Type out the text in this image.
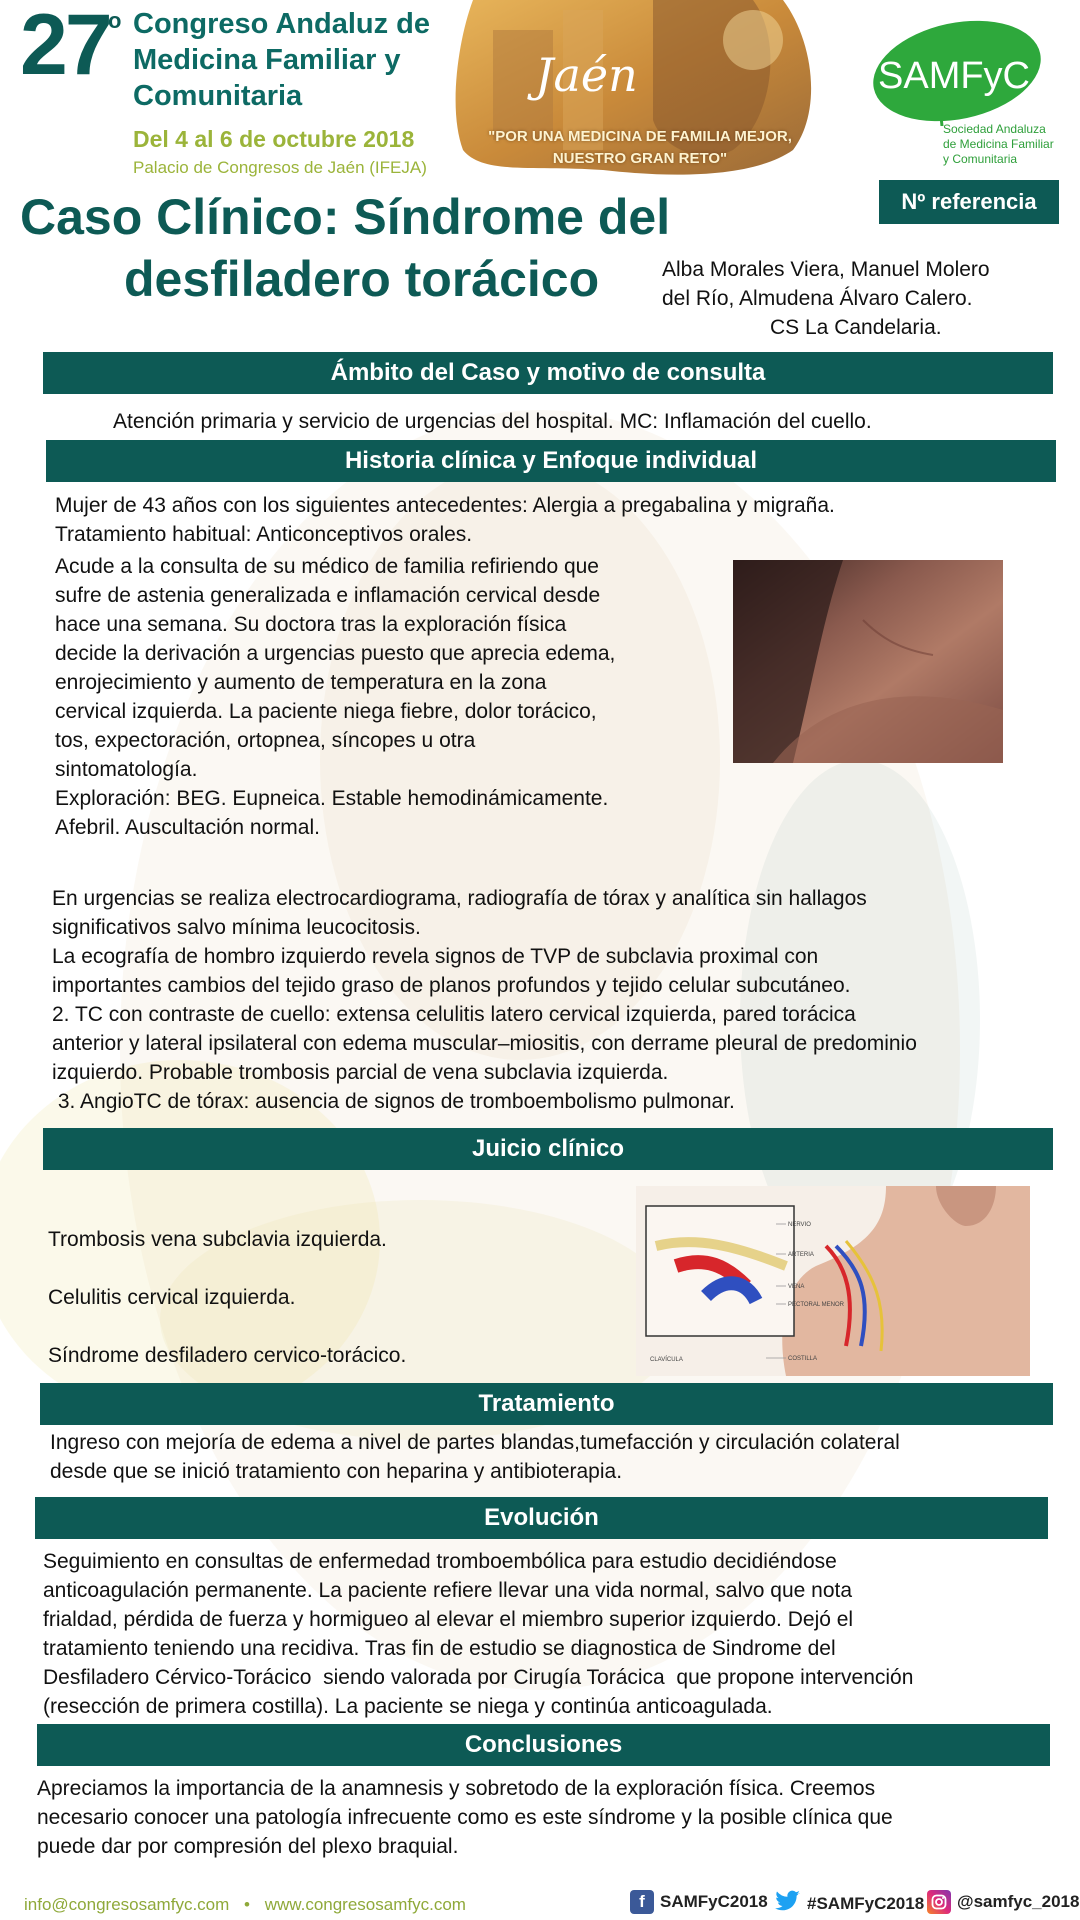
27
o Congreso Andaluz de Medicina Familiar y Comunitaria
Del 4 al 6 de octubre 2018
Palacio de Congresos de Jaén (IFEJA)
Jaén
"POR UNA MEDICINA DE FAMILIA MEJOR,
NUESTRO GRAN RETO"
SAMFyC
Sociedad Andaluza
de Medicina Familiar
y Comunitaria
Nº referencia
Caso Clínico: Síndrome del
desfiladero torácico	Alba Morales Viera, Manuel Molero
del Río, Almudena Álvaro Calero.
CS La Candelaria.
Ámbito del Caso y motivo de consulta
Atención primaria y servicio de urgencias del hospital. MC: Inflamación del cuello.
Historia clínica y Enfoque individual
Mujer de 43 años con los siguientes antecedentes: Alergia a pregabalina y migraña.
Tratamiento habitual: Anticonceptivos orales.
Acude a la consulta de su médico de familia refiriendo que
sufre de astenia generalizada e inflamación cervical desde
hace una semana. Su doctora tras la exploración física
decide la derivación a urgencias puesto que aprecia edema,
enrojecimiento y aumento de temperatura en la zona
cervical izquierda. La paciente niega fiebre, dolor torácico,
tos, expectoración, ortopnea, síncopes u otra
sintomatología.
Exploración: BEG. Eupneica. Estable hemodinámicamente.
Afebril. Auscultación normal.
En urgencias se realiza electrocardiograma, radiografía de tórax y analítica sin hallagos
significativos salvo mínima leucocitosis.
La ecografía de hombro izquierdo revela signos de TVP de subclavia proximal con
importantes cambios del tejido graso de planos profundos y tejido celular subcutáneo.
2. TC con contraste de cuello: extensa celulitis latero cervical izquierda, pared torácica
anterior y lateral ipsilateral con edema muscular–miositis, con derrame pleural de predominio
izquierdo. Probable trombosis parcial de vena subclavia izquierda.
3. AngioTC de tórax: ausencia de signos de tromboembolismo pulmonar.
Juicio clínico
Trombosis vena subclavia izquierda.
Celulitis cervical izquierda.
Síndrome desfiladero cervico-torácico.
NERVIO
ARTERIA
VENA
PECTORAL MENOR
CLAVÍCULA	COSTILLA
Tratamiento
Ingreso con mejoría de edema a nivel de partes blandas,tumefacción y circulación colateral
desde que se inició tratamiento con heparina y antibioterapia.
Evolución
Seguimiento en consultas de enfermedad tromboembólica para estudio decidiéndose
anticoagulación permanente. La paciente refiere llevar una vida normal, salvo que nota
frialdad, pérdida de fuerza y hormigueo al elevar el miembro superior izquierdo. Dejó el
tratamiento teniendo una recidiva. Tras fin de estudio se diagnostica de Sindrome del
Desfiladero Cérvico-Torácico  siendo valorada por Cirugía Torácica  que propone intervención
(resección de primera costilla). La paciente se niega y continúa anticoagulada.
Conclusiones
Apreciamos la importancia de la anamnesis y sobretodo de la exploración física. Creemos
necesario conocer una patología infrecuente como es este síndrome y la posible clínica que
puede dar por compresión del plexo braquial.
info@congresosamfyc.com • www.congresosamfyc.com	f SAMFyC2018 #SAMFyC2018 @samfyc_2018
